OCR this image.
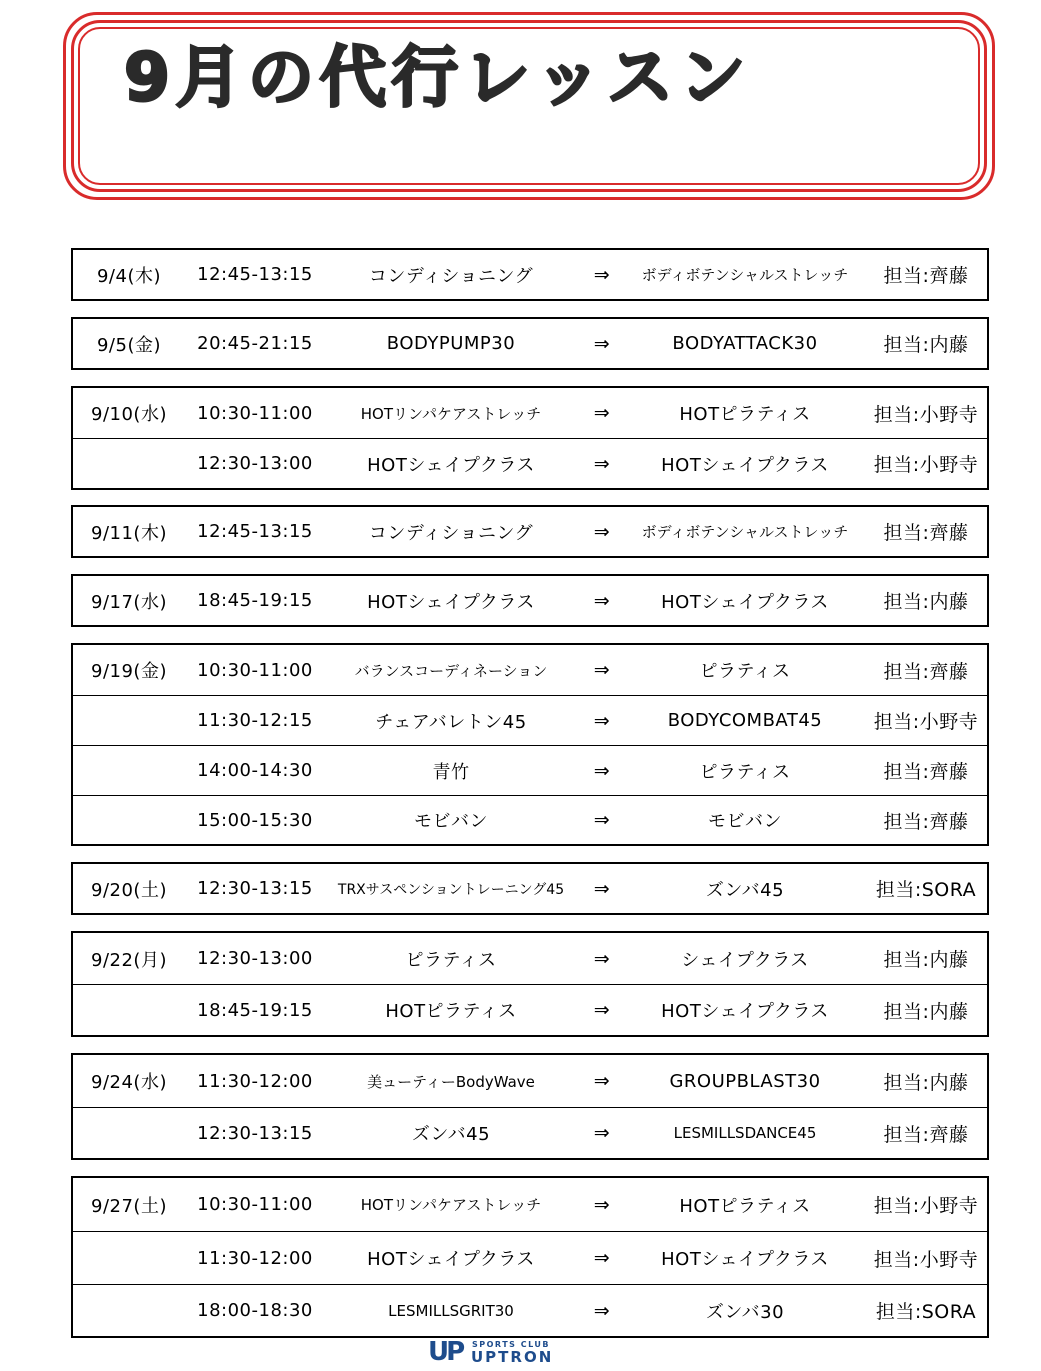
9月の代行レッスン
9/4(木)	12:45-13:15	コンディショニング	⇒	ボディボテンシャルストレッチ	担当:齊藤
9/5(金)	20:45-21:15	BODYPUMP30	⇒	BODYATTACK30	担当:内藤
9/10(水)	10:30-11:00	HOTリンパケアストレッチ	⇒	HOTピラティス	担当:小野寺
12:30-13:00	HOTシェイプクラス	⇒	HOTシェイプクラス	担当:小野寺
9/11(木)	12:45-13:15	コンディショニング	⇒	ボディボテンシャルストレッチ	担当:齊藤
9/17(水)	18:45-19:15	HOTシェイプクラス	⇒	HOTシェイプクラス	担当:内藤
9/19(金)	10:30-11:00	バランスコーディネーション	⇒	ピラティス	担当:齊藤
11:30-12:15	チェアバレトン45	⇒	BODYCOMBAT45	担当:小野寺
14:00-14:30	青竹	⇒	ピラティス	担当:齊藤
15:00-15:30	モビバン	⇒	モビバン	担当:齊藤
9/20(土)	12:30-13:15	TRXサスペンショントレーニング45	⇒	ズンバ45	担当:SORA
9/22(月)	12:30-13:00	ピラティス	⇒	シェイプクラス	担当:内藤
18:45-19:15	HOTピラティス	⇒	HOTシェイプクラス	担当:内藤
9/24(水)	11:30-12:00	美ューティーBodyWave	⇒	GROUPBLAST30	担当:内藤
12:30-13:15	ズンバ45	⇒	LESMILLSDANCE45	担当:齊藤
9/27(土)	10:30-11:00	HOTリンパケアストレッチ	⇒	HOTピラティス	担当:小野寺
11:30-12:00	HOTシェイプクラス	⇒	HOTシェイプクラス	担当:小野寺
18:00-18:30	LESMILLSGRIT30	⇒	ズンバ30	担当:SORA
UP SPORTS CLUB
UPTRON
